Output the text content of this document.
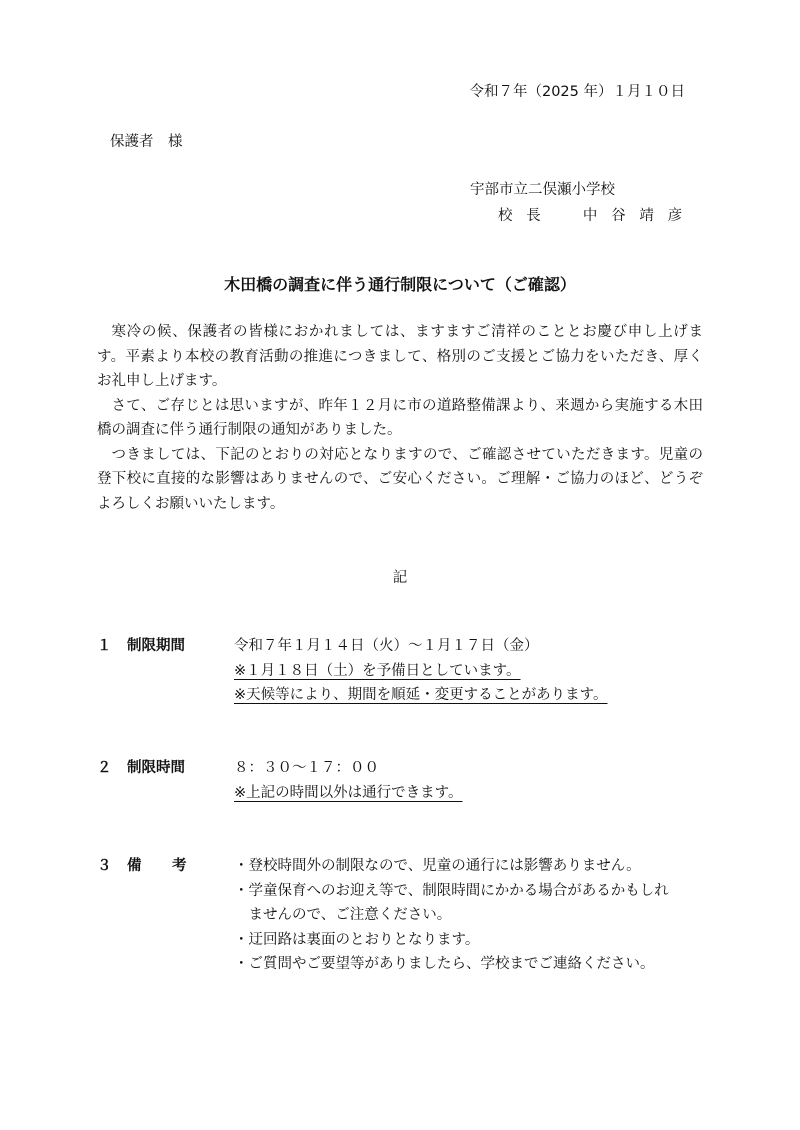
令和７年（2025 年）１月１０日
保護者　様
宇部市立二俣瀬小学校
校長　中谷靖彦
木田橋の調査に伴う通行制限について（ご確認）

寒冷の候、保護者の皆様におかれましては、ますますご清祥のこととお慶び申し上げます。平素より本校の教育活動の推進につきまして、格別のご支援とご協力をいただき、厚くお礼申し上げます。

さて、ご存じとは思いますが、昨年１２月に市の道路整備課より、来週から実施する木田橋の調査に伴う通行制限の通知がありました。

つきましては、下記のとおりの対応となりますので、ご確認させていただきます。児童の登下校に直接的な影響はありませんので、ご安心ください。ご理解・ご協力のほど、どうぞよろしくお願いいたします。

記
１ 制限期間	令和７年１月１４日（火）～１月１７日（金）
※１月１８日（土）を予備日としています。
※天候等により、期間を順延・変更することがあります。
２ 制限時間	８：３０～１７：００
※上記の時間以外は通行できます。
３ 備考 ・登校時間外の制限なので、児童の通行には影響ありません。
・学童保育へのお迎え等で、制限時間にかかる場合があるかもしれ
ませんので、ご注意ください。
・迂回路は裏面のとおりとなります。
・ご質問やご要望等がありましたら、学校までご連絡ください。
